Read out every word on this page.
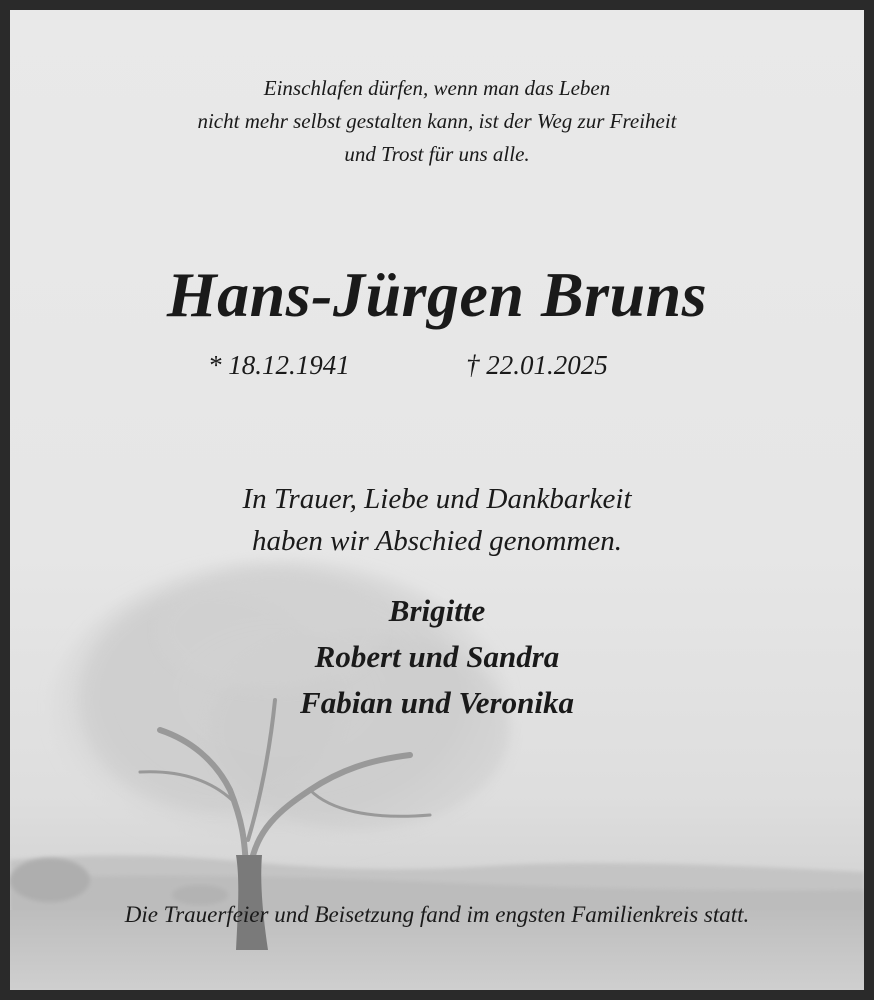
Einschlafen dürfen, wenn man das Leben
nicht mehr selbst gestalten kann, ist der Weg zur Freiheit
und Trost für uns alle.
Hans-Jürgen Bruns
* 18.12.1941	† 22.01.2025
In Trauer, Liebe und Dankbarkeit
haben wir Abschied genommen.
Brigitte
Robert und Sandra
Fabian und Veronika
Die Trauerfeier und Beisetzung fand im engsten Familienkreis statt.
